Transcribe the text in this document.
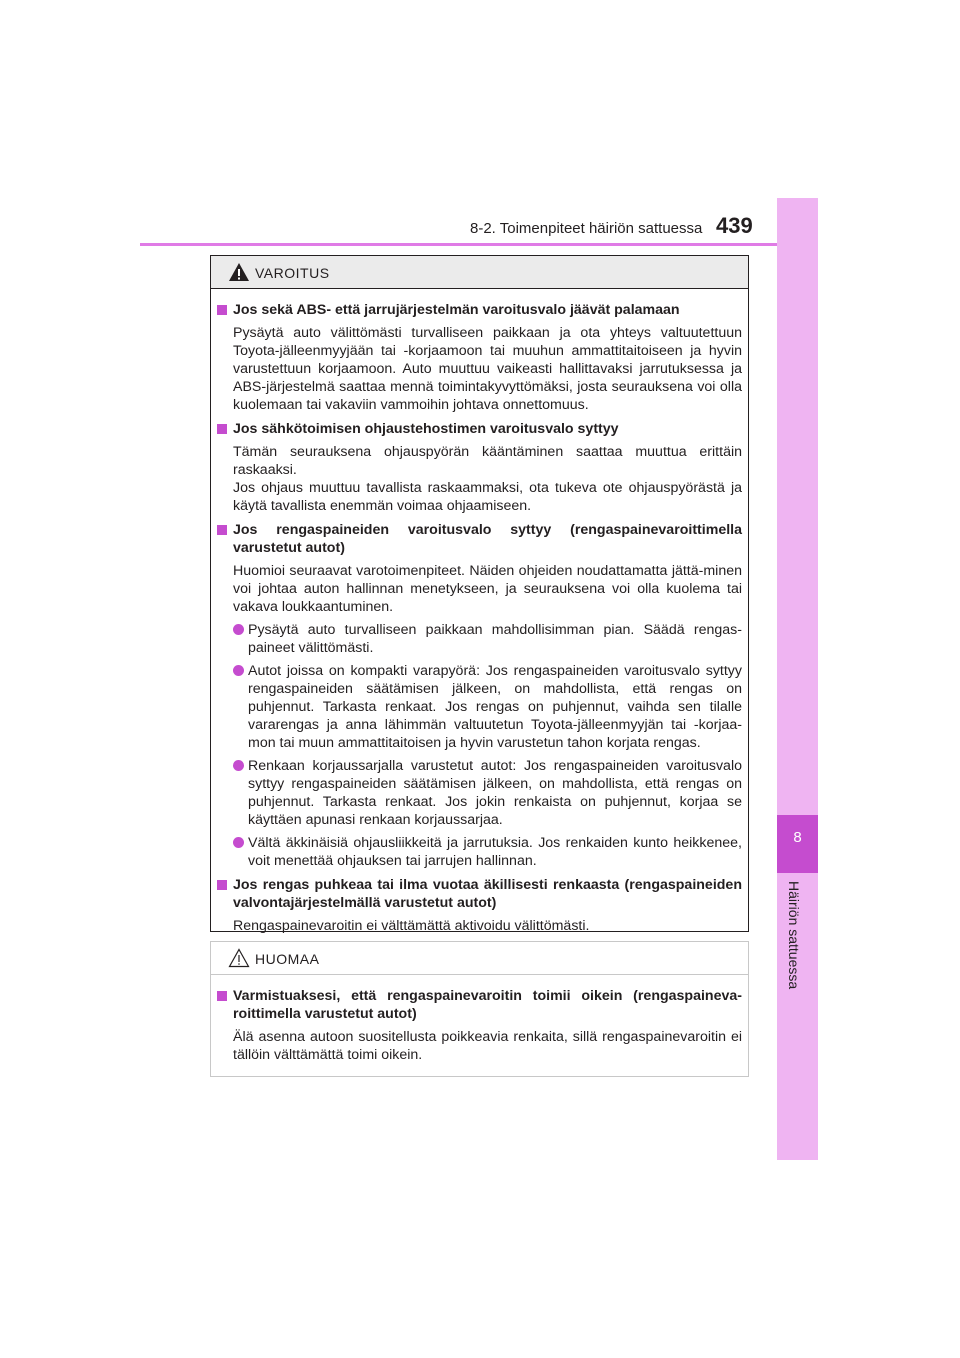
8-2. Toimenpiteet häiriön sattuessa 439
8
Häiriön sattuessa
VAROITUS
Jos sekä ABS- että jarrujärjestelmän varoitusvalo jäävät palamaan
Pysäytä auto välittömästi turvalliseen paikkaan ja ota yhteys valtuutettuun Toyota-jälleenmyyjään tai -korjaamoon tai muuhun ammattitaitoiseen ja hyvin varustettuun korjaamoon. Auto muuttuu vaikeasti hallittavaksi jarrutuksessa ja ABS-järjestelmä saattaa mennä toimintakyvyttömäksi, josta seurauksena voi olla kuolemaan tai vakaviin vammoihin johtava onnettomuus.
Jos sähkötoimisen ohjaustehostimen varoitusvalo syttyy
Tämän seurauksena ohjauspyörän kääntäminen saattaa muuttua erittäin raskaaksi.
Jos ohjaus muuttuu tavallista raskaammaksi, ota tukeva ote ohjauspyörästä ja käytä tavallista enemmän voimaa ohjaamiseen.
Jos rengaspaineiden varoitusvalo syttyy (rengaspainevaroittimella varustetut autot)
Huomioi seuraavat varotoimenpiteet. Näiden ohjeiden noudattamatta jättä-minen voi johtaa auton hallinnan menetykseen, ja seurauksena voi olla kuolema tai vakava loukkaantuminen.
Pysäytä auto turvalliseen paikkaan mahdollisimman pian. Säädä rengas-paineet välittömästi.
Autot joissa on kompakti varapyörä: Jos rengaspaineiden varoitusvalo syttyy rengaspaineiden säätämisen jälkeen, on mahdollista, että rengas on puhjennut. Tarkasta renkaat. Jos rengas on puhjennut, vaihda sen tilalle vararengas ja anna lähimmän valtuutetun Toyota-jälleenmyyjän tai -korjaa-mon tai muun ammattitaitoisen ja hyvin varustetun tahon korjata rengas.
Renkaan korjaussarjalla varustetut autot: Jos rengaspaineiden varoitusvalo syttyy rengaspaineiden säätämisen jälkeen, on mahdollista, että rengas on puhjennut. Tarkasta renkaat. Jos jokin renkaista on puhjennut, korjaa se käyttäen apunasi renkaan korjaussarjaa.
Vältä äkkinäisiä ohjausliikkeitä ja jarrutuksia. Jos renkaiden kunto heikkenee, voit menettää ohjauksen tai jarrujen hallinnan.
Jos rengas puhkeaa tai ilma vuotaa äkillisesti renkaasta (rengaspaineiden valvontajärjestelmällä varustetut autot)
Rengaspainevaroitin ei välttämättä aktivoidu välittömästi.
HUOMAA
Varmistuaksesi, että rengaspainevaroitin toimii oikein (rengaspaineva-roittimella varustetut autot)
Älä asenna autoon suositellusta poikkeavia renkaita, sillä rengaspainevaroitin ei tällöin välttämättä toimi oikein.
